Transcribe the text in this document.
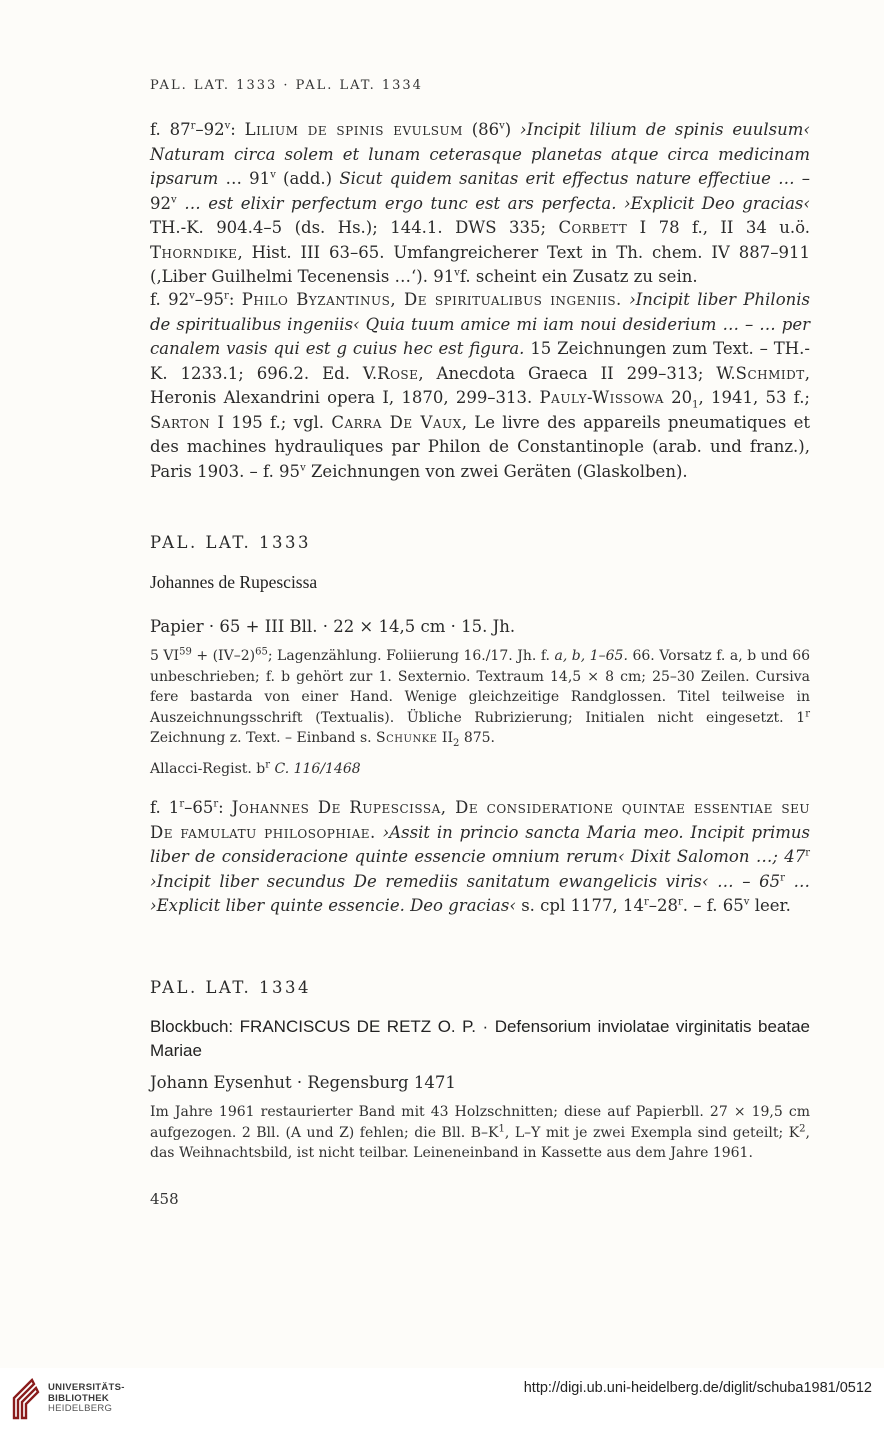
PAL. LAT. 1333 · PAL. LAT. 1334

f. 87$^r$–92$^v$: Lilium de spinis evulsum (86$^v$) ›Incipit lilium de spinis euulsum‹ Naturam circa solem et lunam ceterasque planetas atque circa medicinam ipsarum … 91$^v$ (add.) Sicut quidem sanitas erit effectus nature effectiue … – 92$^v$ … est elixir perfectum ergo tunc est ars perfecta. ›Explicit Deo gracias‹ TH.-K. 904.4–5 (ds. Hs.); 144.1. DWS 335; Corbett I 78 f., II 34 u.ö. Thorndike, Hist. III 63–65. Umfangreicherer Text in Th. chem. IV 887–911 (‚Liber Guilhelmi Tecenensis …‘). 91$^v$f. scheint ein Zusatz zu sein.

f. 92$^v$–95$^r$: Philo Byzantinus, De spiritualibus ingeniis. ›Incipit liber Philonis de spiritualibus ingeniis‹ Quia tuum amice mi iam noui desiderium … – … per canalem vasis qui est g cuius hec est figura. 15 Zeichnungen zum Text. – TH.-K. 1233.1; 696.2. Ed. V.Rose, Anecdota Graeca II 299–313; W.Schmidt, Heronis Alexandrini opera I, 1870, 299–313. Pauly-Wissowa $20_1$, 1941, 53 f.; Sarton I 195 f.; vgl. Carra De Vaux, Le livre des appareils pneumatiques et des machines hydrauliques par Philon de Constantinople (arab. und franz.), Paris 1903. – f. 95$^v$ Zeichnungen von zwei Geräten (Glaskolben).

PAL. LAT. 1333
Johannes de Rupescissa
Papier · 65 + III Bll. · 22 × 14,5 cm · 15. Jh.

5 $VI^{59} + (IV-2)^{65}$; Lagenzählung. Foliierung 16./17. Jh. f. a, b, 1–65. 66. Vorsatz f. a, b und 66 unbeschrieben; f. b gehört zur 1. Sexternio. Textraum 14,5 × 8 cm; 25–30 Zeilen. Cursiva fere bastarda von einer Hand. Wenige gleichzeitige Randglossen. Titel teilweise in Auszeichnungsschrift (Textualis). Übliche Rubrizierung; Initialen nicht eingesetzt. 1$^r$ Zeichnung z. Text. – Einband s. Schunke $II_2$ 875.

Allacci-Regist. $b^r$ C. 116/1468

f. 1$^r$–65$^r$: Johannes De Rupescissa, De consideratione quintae essentiae seu De famulatu philosophiae. ›Assit in princio sancta Maria meo. Incipit primus liber de consideracione quinte essencie omnium rerum‹ Dixit Salomon …; 47$^r$ ›Incipit liber secundus De remediis sanitatum ewangelicis viris‹ … – 65$^r$ … ›Explicit liber quinte essencie. Deo gracias‹ s. cpl 1177, 14$^r$–28$^r$. – f. 65$^v$ leer.

PAL. LAT. 1334
Blockbuch: FRANCISCUS DE RETZ O. P. · Defensorium inviolatae virginitatis beatae Mariae
Johann Eysenhut · Regensburg 1471

Im Jahre 1961 restaurierter Band mit 43 Holzschnitten; diese auf Papierbll. 27 × 19,5 cm aufgezogen. 2 Bll. (A und Z) fehlen; die Bll. $B-K^1$, L–Y mit je zwei Exempla sind geteilt; $K^2$, das Weihnachtsbild, ist nicht teilbar. Leineneinband in Kassette aus dem Jahre 1961.

458
UNIVERSITÄTS-
BIBLIOTHEK
HEIDELBERG
http://digi.ub.uni-heidelberg.de/diglit/schuba1981/0512
